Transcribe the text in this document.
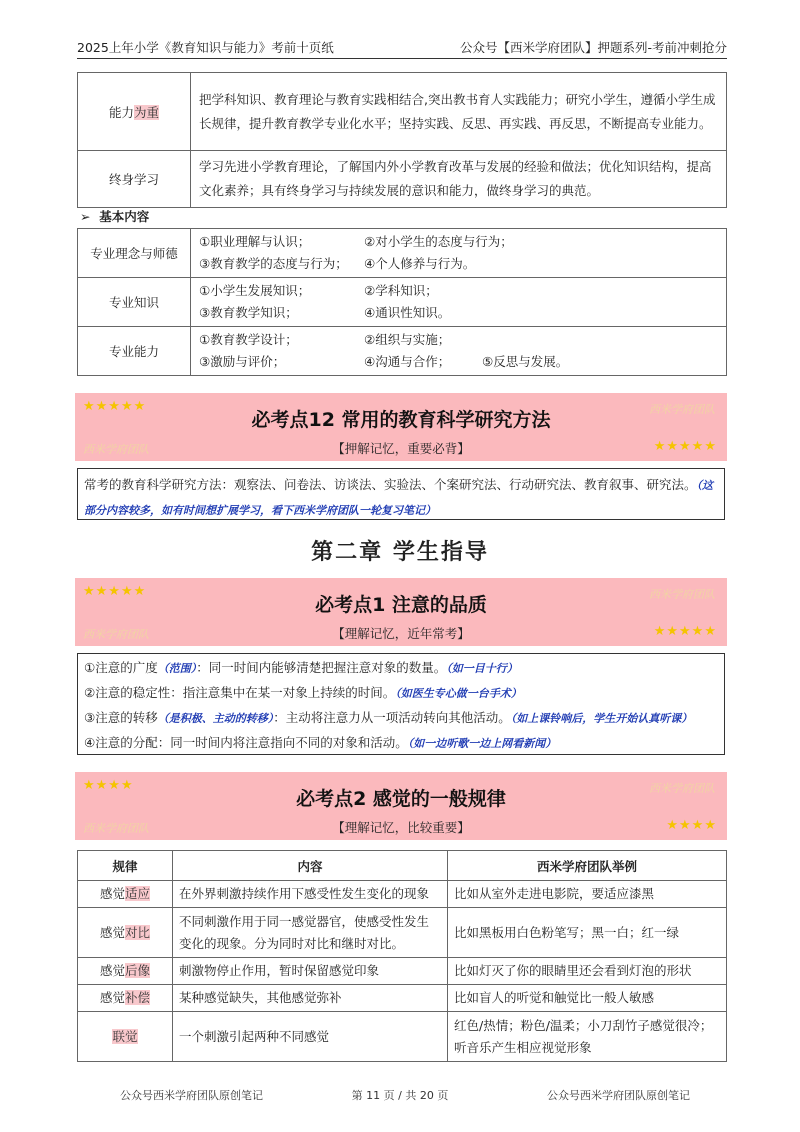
2025上年小学《教育知识与能力》考前十页纸	公众号【西米学府团队】押题系列-考前冲刺抢分
能力为重	把学科知识、教育理论与教育实践相结合,突出教书育人实践能力；研究小学生，遵循小学生成长规律，提升教育教学专业化水平；坚持实践、反思、再实践、再反思，不断提高专业能力。
终身学习	学习先进小学教育理论，了解国内外小学教育改革与发展的经验和做法；优化知识结构，提高文化素养；具有终身学习与持续发展的意识和能力，做终身学习的典范。
➢ 基本内容
专业理念与师德	①职业理解与认识； ②对小学生的态度与行为；
③教育教学的态度与行为； ④个人修养与行为。

专业知识	①小学生发展知识； ②学科知识；
③教育教学知识； ④通识性知识。

专业能力	①教育教学设计； ②组织与实施；
③激励与评价； ④沟通与合作； ⑤反思与发展。
★★★★★	西米学府团队
必考点12 常用的教育科学研究方法
西米学府团队	【押解记忆，重要必背】	★★★★★
常考的教育科学研究方法：观察法、问卷法、访谈法、实验法、个案研究法、行动研究法、教育叙事、研究法。（这部分内容较多，如有时间想扩展学习，看下西米学府团队一轮复习笔记）
第二章 学生指导
★★★★★	西米学府团队
必考点1 注意的品质
西米学府团队	【理解记忆，近年常考】	★★★★★
①注意的广度（范围）：同一时间内能够清楚把握注意对象的数量。（如一目十行）
②注意的稳定性：指注意集中在某一对象上持续的时间。（如医生专心做一台手术）
③注意的转移（是积极、主动的转移）：主动将注意力从一项活动转向其他活动。（如上课铃响后，学生开始认真听课）
④注意的分配：同一时间内将注意指向不同的对象和活动。（如一边听歌一边上网看新闻）
★★★★	西米学府团队
必考点2 感觉的一般规律
西米学府团队	【理解记忆，比较重要】	★★★★
规律	内容	西米学府团队举例
感觉适应	在外界刺激持续作用下感受性发生变化的现象	比如从室外走进电影院，要适应漆黑
感觉对比	不同刺激作用于同一感觉器官，使感受性发生变化的现象。分为同时对比和继时对比。	比如黑板用白色粉笔写；黑一白；红一绿
感觉后像	刺激物停止作用，暂时保留感觉印象	比如灯灭了你的眼睛里还会看到灯泡的形状
感觉补偿	某种感觉缺失，其他感觉弥补	比如盲人的听觉和触觉比一般人敏感
联觉	一个刺激引起两种不同感觉	红色/热情；粉色/温柔；小刀刮竹子感觉很冷；听音乐产生相应视觉形象
公众号西米学府团队原创笔记	第 11 页 / 共 20 页	公众号西米学府团队原创笔记
